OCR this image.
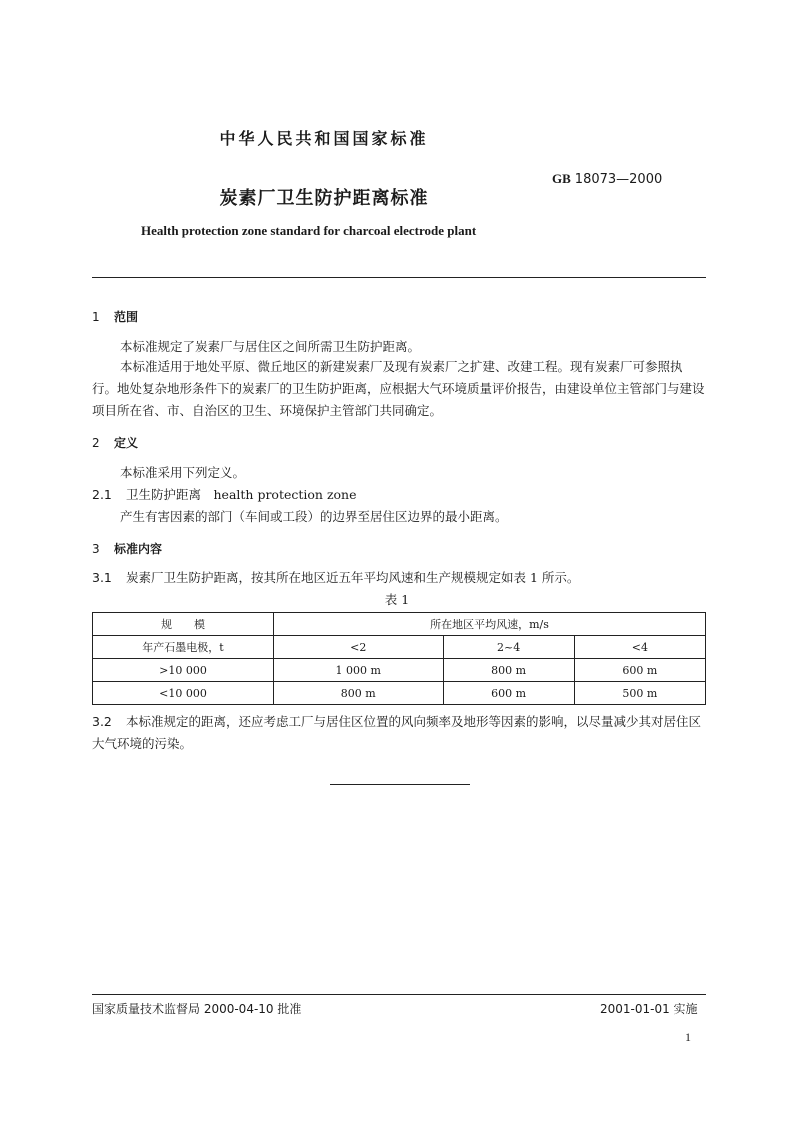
中华人民共和国国家标准
GB 18073—2000
炭素厂卫生防护距离标准
Health protection zone standard for charcoal electrode plant
1 范围
本标准规定了炭素厂与居住区之间所需卫生防护距离。
本标准适用于地处平原、微丘地区的新建炭素厂及现有炭素厂之扩建、改建工程。现有炭素厂可参照执行。地处复杂地形条件下的炭素厂的卫生防护距离，应根据大气环境质量评价报告，由建设单位主管部门与建设项目所在省、市、自治区的卫生、环境保护主管部门共同确定。
2 定义
本标准采用下列定义。
2.1 卫生防护距离　health protection zone
产生有害因素的部门（车间或工段）的边界至居住区边界的最小距离。
3 标准内容
3.1 炭素厂卫生防护距离，按其所在地区近五年平均风速和生产规模规定如表 1 所示。
表 1
规　　模	所在地区平均风速，m/s		
年产石墨电极，t	<2	2~4	<4
>10 000	1 000 m	800 m	600 m
<10 000	800 m	600 m	500 m
3.2 本标准规定的距离，还应考虑工厂与居住区位置的风向频率及地形等因素的影响，以尽量减少其对居住区大气环境的污染。
国家质量技术监督局 2000-04-10 批准	2001-01-01 实施
1
